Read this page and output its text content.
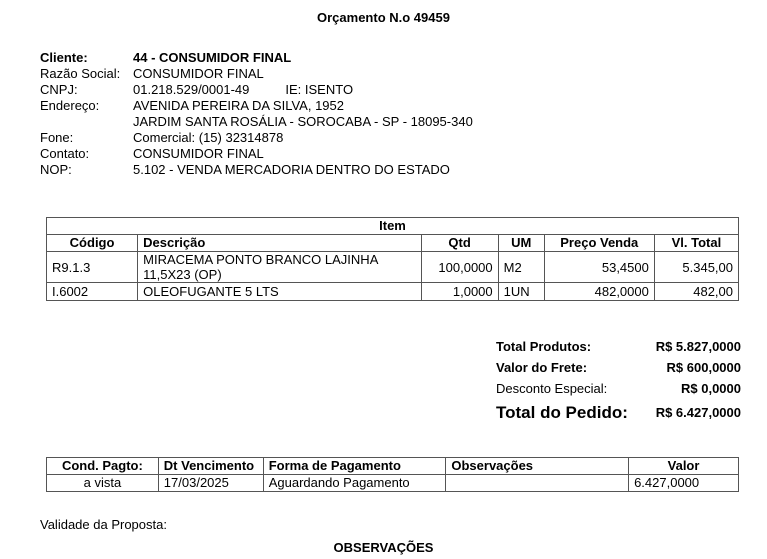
Orçamento N.o 49459
Cliente:	44 - CONSUMIDOR FINAL
Razão Social: CONSUMIDOR FINAL
CNPJ:	01.218.529/0001-49	IE: ISENTO
Endereço:	AVENIDA PEREIRA DA SILVA, 1952
JARDIM SANTA ROSÁLIA - SOROCABA - SP - 18095-340
Fone:	Comercial: (15) 32314878
Contato:	CONSUMIDOR FINAL
NOP:	5.102 - VENDA MERCADORIA DENTRO DO ESTADO
Item					
Código	Descrição	Qtd	UM	Preço Venda	Vl. Total
R9.1.3	MIRACEMA PONTO BRANCO LAJINHA 11,5X23 (OP)	100,0000	M2	53,4500	5.345,00
I.6002	OLEOFUGANTE 5 LTS	1,0000	1UN	482,0000	482,00
Total Produtos:	R$ 5.827,0000
Valor do Frete:	R$ 600,0000
Desconto Especial:	R$ 0,0000
Total do Pedido: R$ 6.427,0000
Cond. Pagto:	Dt Vencimento	Forma de Pagamento	Observações	Valor
a vista	17/03/2025	Aguardando Pagamento		6.427,0000
Validade da Proposta:
OBSERVAÇÕES
